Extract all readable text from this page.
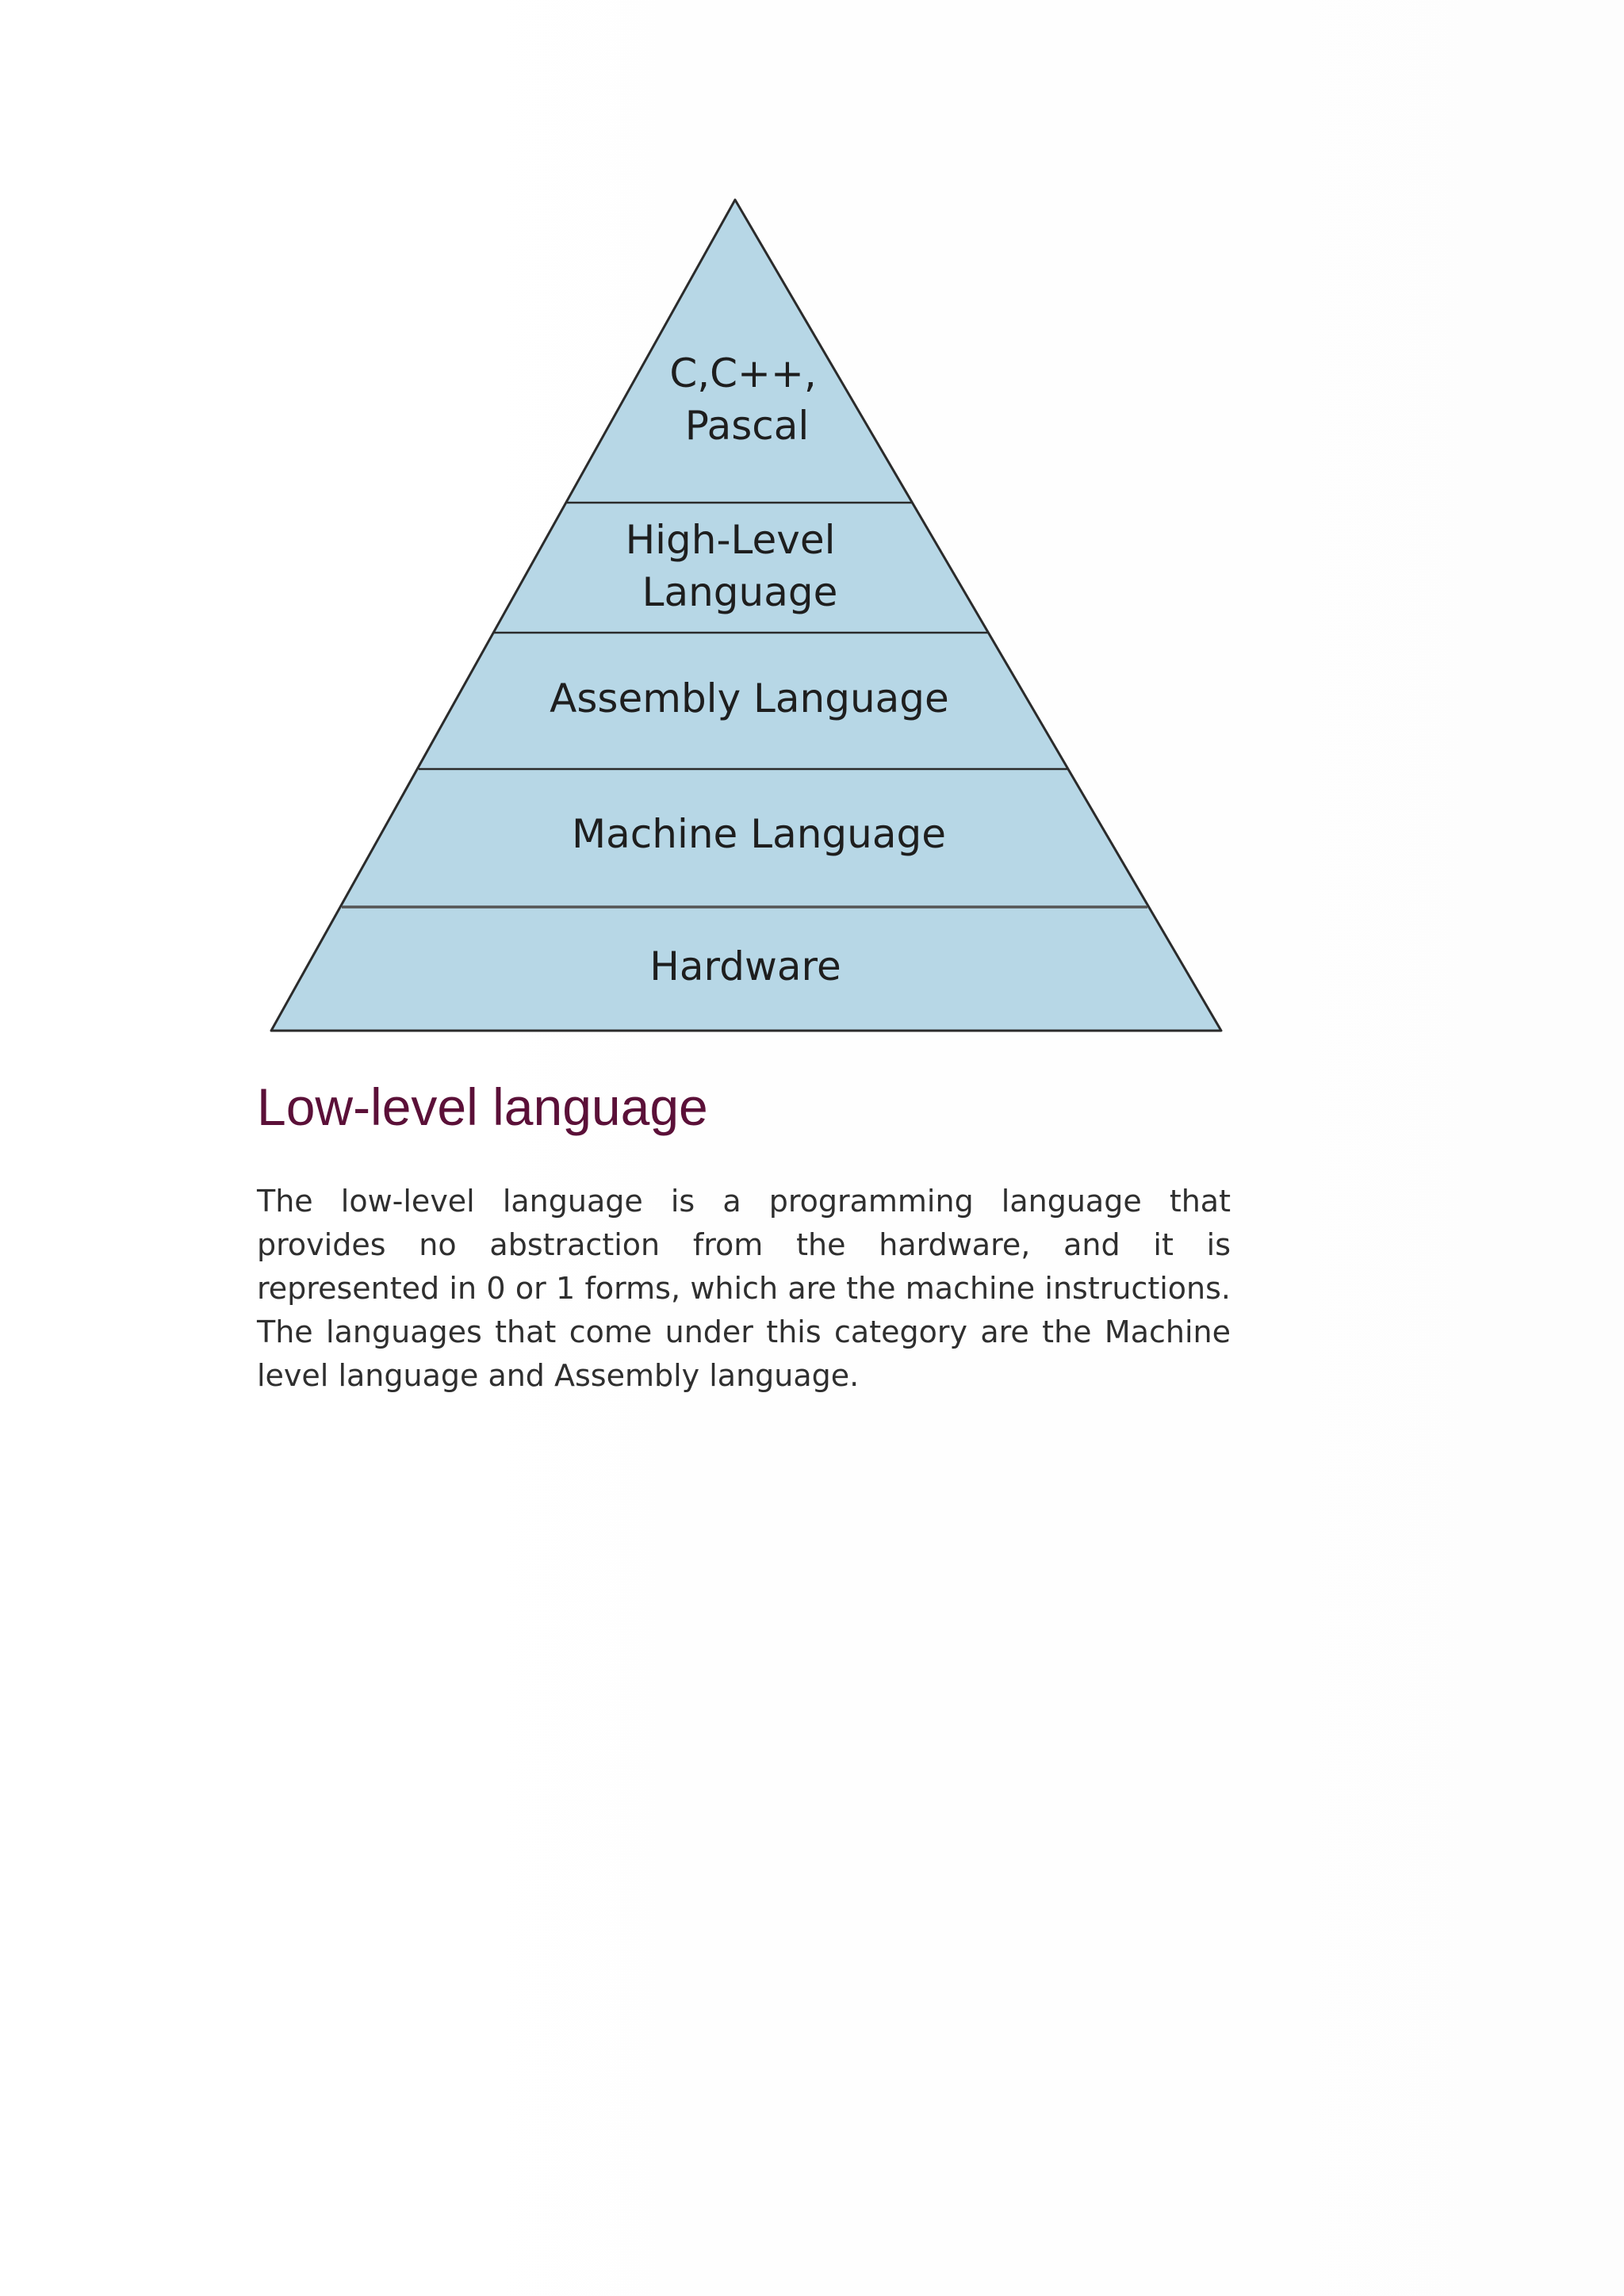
C,C++, Pascal
High-Level Language
Assembly Language
Machine Language
Hardware
Low-level language

The low-level language is a programming language that provides no abstraction from the hardware, and it is represented in 0 or 1 forms, which are the machine instructions. The languages that come under this category are the Machine level language and Assembly language.
